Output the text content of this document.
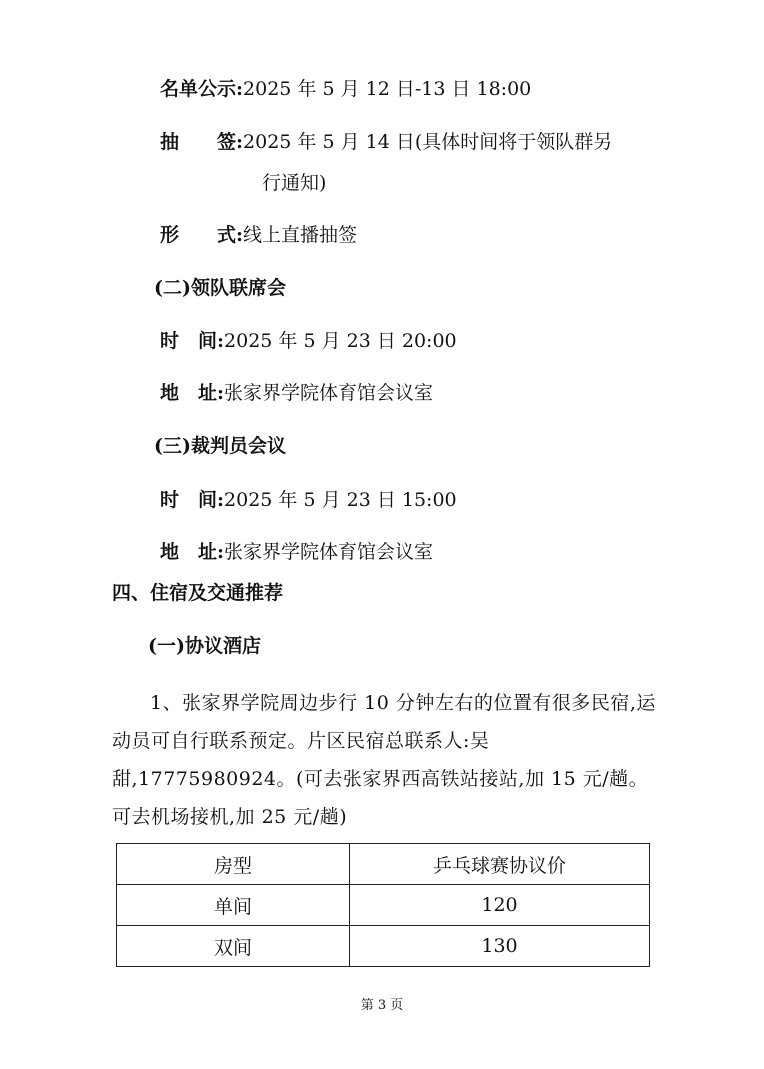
名单公示:2025 年 5 月 12 日-13 日 18:00
抽　　签:2025 年 5 月 14 日(具体时间将于领队群另
行通知)
形　　式:线上直播抽签
(二)领队联席会
时　间:2025 年 5 月 23 日 20:00
地　址:张家界学院体育馆会议室
(三)裁判员会议
时　间:2025 年 5 月 23 日 15:00
地　址:张家界学院体育馆会议室
四、住宿及交通推荐
(一)协议酒店
1、张家界学院周边步行 10 分钟左右的位置有很多民宿,运动员可自行联系预定。片区民宿总联系人:吴甜,17775980924。(可去张家界西高铁站接站,加 15 元/趟。可去机场接机,加 25 元/趟)
房型	乒乓球赛协议价
单间	120
双间	130
第 3 页
